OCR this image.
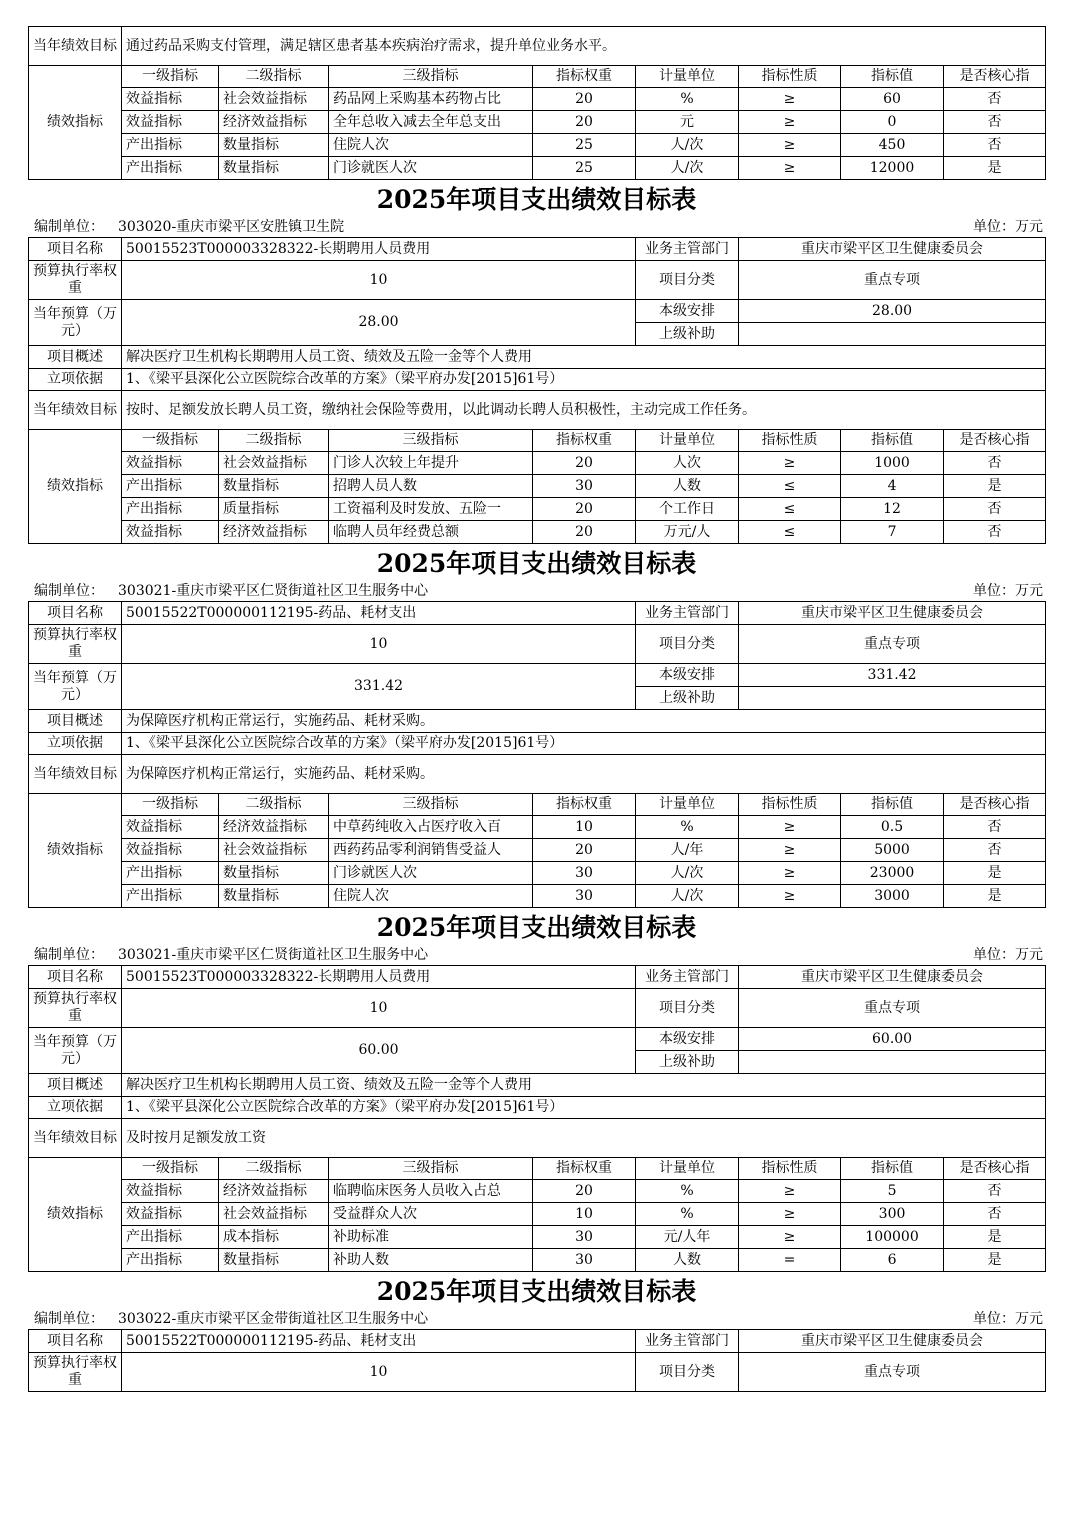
当年绩效目标	通过药品采购支付管理，满足辖区患者基本疾病治疗需求，提升单位业务水平。							
绩效指标	一级指标	二级指标	三级指标	指标权重	计量单位	指标性质	指标值	是否核心指
	效益指标	社会效益指标	药品网上采购基本药物占比	20	%	≥	60	否
	效益指标	经济效益指标	全年总收入减去全年总支出	20	元	≥	0	否
	产出指标	数量指标	住院人次	25	人/次	≥	450	否
	产出指标	数量指标	门诊就医人次	25	人/次	≥	12000	是
2025年项目支出绩效目标表
编制单位： 303020-重庆市梁平区安胜镇卫生院	单位：万元
项目名称	50015523T000003328322-长期聘用人员费用				业务主管部门	重庆市梁平区卫生健康委员会		
预算执行率权重	10				项目分类	重点专项		
当年预算（万元）	28.00				本级安排	28.00		
					上级补助			
项目概述	解决医疗卫生机构长期聘用人员工资、绩效及五险一金等个人费用							
立项依据	1、《梁平县深化公立医院综合改革的方案》（梁平府办发[2015]61号）							
当年绩效目标	按时、足额发放长聘人员工资，缴纳社会保险等费用，以此调动长聘人员积极性，主动完成工作任务。							
绩效指标	一级指标	二级指标	三级指标	指标权重	计量单位	指标性质	指标值	是否核心指
	效益指标	社会效益指标	门诊人次较上年提升	20	人次	≥	1000	否
	产出指标	数量指标	招聘人员人数	30	人数	≤	4	是
	产出指标	质量指标	工资福利及时发放、五险一	20	个工作日	≤	12	否
	效益指标	经济效益指标	临聘人员年经费总额	20	万元/人	≤	7	否
2025年项目支出绩效目标表
编制单位： 303021-重庆市梁平区仁贤街道社区卫生服务中心	单位：万元
项目名称	50015522T000000112195-药品、耗材支出				业务主管部门	重庆市梁平区卫生健康委员会		
预算执行率权重	10				项目分类	重点专项		
当年预算（万元）	331.42				本级安排	331.42		
					上级补助			
项目概述	为保障医疗机构正常运行，实施药品、耗材采购。							
立项依据	1、《梁平县深化公立医院综合改革的方案》（梁平府办发[2015]61号）							
当年绩效目标	为保障医疗机构正常运行，实施药品、耗材采购。							
绩效指标	一级指标	二级指标	三级指标	指标权重	计量单位	指标性质	指标值	是否核心指
	效益指标	经济效益指标	中草药纯收入占医疗收入百	10	%	≥	0.5	否
	效益指标	社会效益指标	西药药品零利润销售受益人	20	人/年	≥	5000	否
	产出指标	数量指标	门诊就医人次	30	人/次	≥	23000	是
	产出指标	数量指标	住院人次	30	人/次	≥	3000	是
2025年项目支出绩效目标表
编制单位： 303021-重庆市梁平区仁贤街道社区卫生服务中心	单位：万元
项目名称	50015523T000003328322-长期聘用人员费用				业务主管部门	重庆市梁平区卫生健康委员会		
预算执行率权重	10				项目分类	重点专项		
当年预算（万元）	60.00				本级安排	60.00		
					上级补助			
项目概述	解决医疗卫生机构长期聘用人员工资、绩效及五险一金等个人费用							
立项依据	1、《梁平县深化公立医院综合改革的方案》（梁平府办发[2015]61号）							
当年绩效目标	及时按月足额发放工资							
绩效指标	一级指标	二级指标	三级指标	指标权重	计量单位	指标性质	指标值	是否核心指
	效益指标	经济效益指标	临聘临床医务人员收入占总	20	%	≥	5	否
	效益指标	社会效益指标	受益群众人次	10	%	≥	300	否
	产出指标	成本指标	补助标准	30	元/人年	≥	100000	是
	产出指标	数量指标	补助人数	30	人数	=	6	是
2025年项目支出绩效目标表
编制单位： 303022-重庆市梁平区金带街道社区卫生服务中心	单位：万元
项目名称	50015522T000000112195-药品、耗材支出	业务主管部门	重庆市梁平区卫生健康委员会
预算执行率权重	10	项目分类	重点专项
